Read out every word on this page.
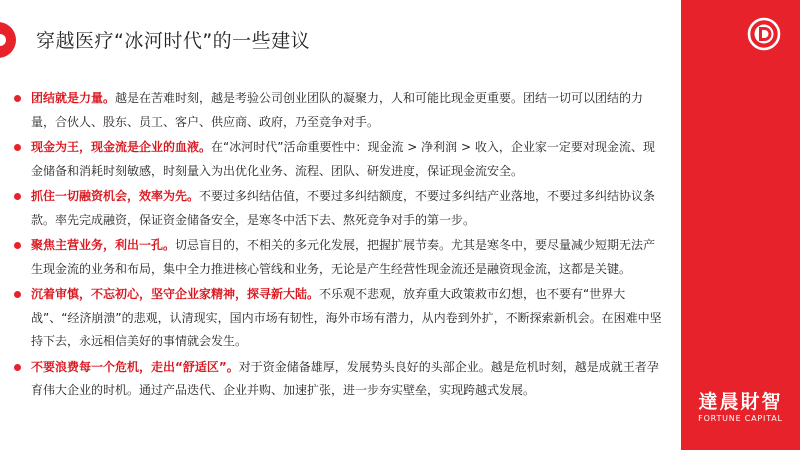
穿越医疗“冰河时代”的一些建议
团结就是力量。越是在苦难时刻，越是考验公司创业团队的凝聚力，人和可能比现金更重要。团结一切可以团结的力量，合伙人、股东、员工、客户、供应商、政府，乃至竞争对手。
现金为王，现金流是企业的血液。在“冰河时代”活命重要性中：现金流 > 净利润 > 收入，企业家一定要对现金流、现金储备和消耗时刻敏感，时刻量入为出优化业务、流程、团队、研发进度，保证现金流安全。
抓住一切融资机会，效率为先。不要过多纠结估值，不要过多纠结额度，不要过多纠结产业落地，不要过多纠结协议条款。率先完成融资，保证资金储备安全，是寒冬中活下去、熬死竞争对手的第一步。
聚焦主营业务，利出一孔。切忌盲目的，不相关的多元化发展，把握扩展节奏。尤其是寒冬中，要尽量减少短期无法产生现金流的业务和布局，集中全力推进核心管线和业务，无论是产生经营性现金流还是融资现金流，这都是关键。
沉着审慎，不忘初心，坚守企业家精神，探寻新大陆。不乐观不悲观，放弃重大政策救市幻想，也不要有“世界大战”、“经济崩溃”的悲观，认清现实，国内市场有韧性，海外市场有潜力，从内卷到外扩，不断探索新机会。在困难中坚持下去，永远相信美好的事情就会发生。
不要浪费每一个危机，走出“舒适区”。对于资金储备雄厚，发展势头良好的头部企业。越是危机时刻，越是成就王者孕育伟大企业的时机。通过产品迭代、企业并购、加速扩张，进一步夯实壁垒，实现跨越式发展。
達晨財智
FORTUNE CAPITAL
